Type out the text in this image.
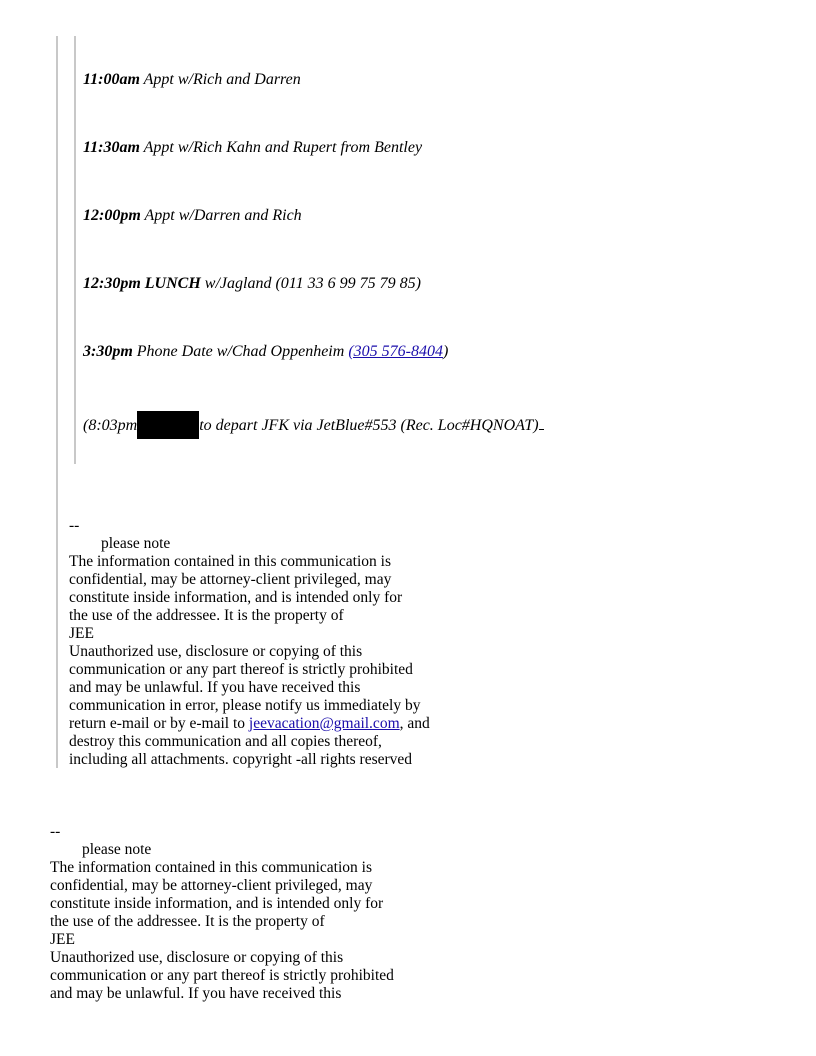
11:00am Appt w/Rich and Darren

11:30am Appt w/Rich Kahn and Rupert from Bentley

12:00pm Appt w/Darren and Rich

12:30pm LUNCH w/Jagland (011 33 6 99 75 79 85)

3:30pm Phone Date w/Chad Oppenheim (305 576-8404)

(8:03pm	to depart JFK via JetBlue#553 (Rec. Loc#HQNOAT)

--
please note
The information contained in this communication is
confidential, may be attorney-client privileged, may
constitute inside information, and is intended only for
the use of the addressee. It is the property of
JEE
Unauthorized use, disclosure or copying of this
communication or any part thereof is strictly prohibited
and may be unlawful. If you have received this
communication in error, please notify us immediately by
return e-mail or by e-mail to jeevacation@gmail.com, and
destroy this communication and all copies thereof,
including all attachments. copyright -all rights reserved
--
please note
The information contained in this communication is
confidential, may be attorney-client privileged, may
constitute inside information, and is intended only for
the use of the addressee. It is the property of
JEE
Unauthorized use, disclosure or copying of this
communication or any part thereof is strictly prohibited
and may be unlawful. If you have received this
